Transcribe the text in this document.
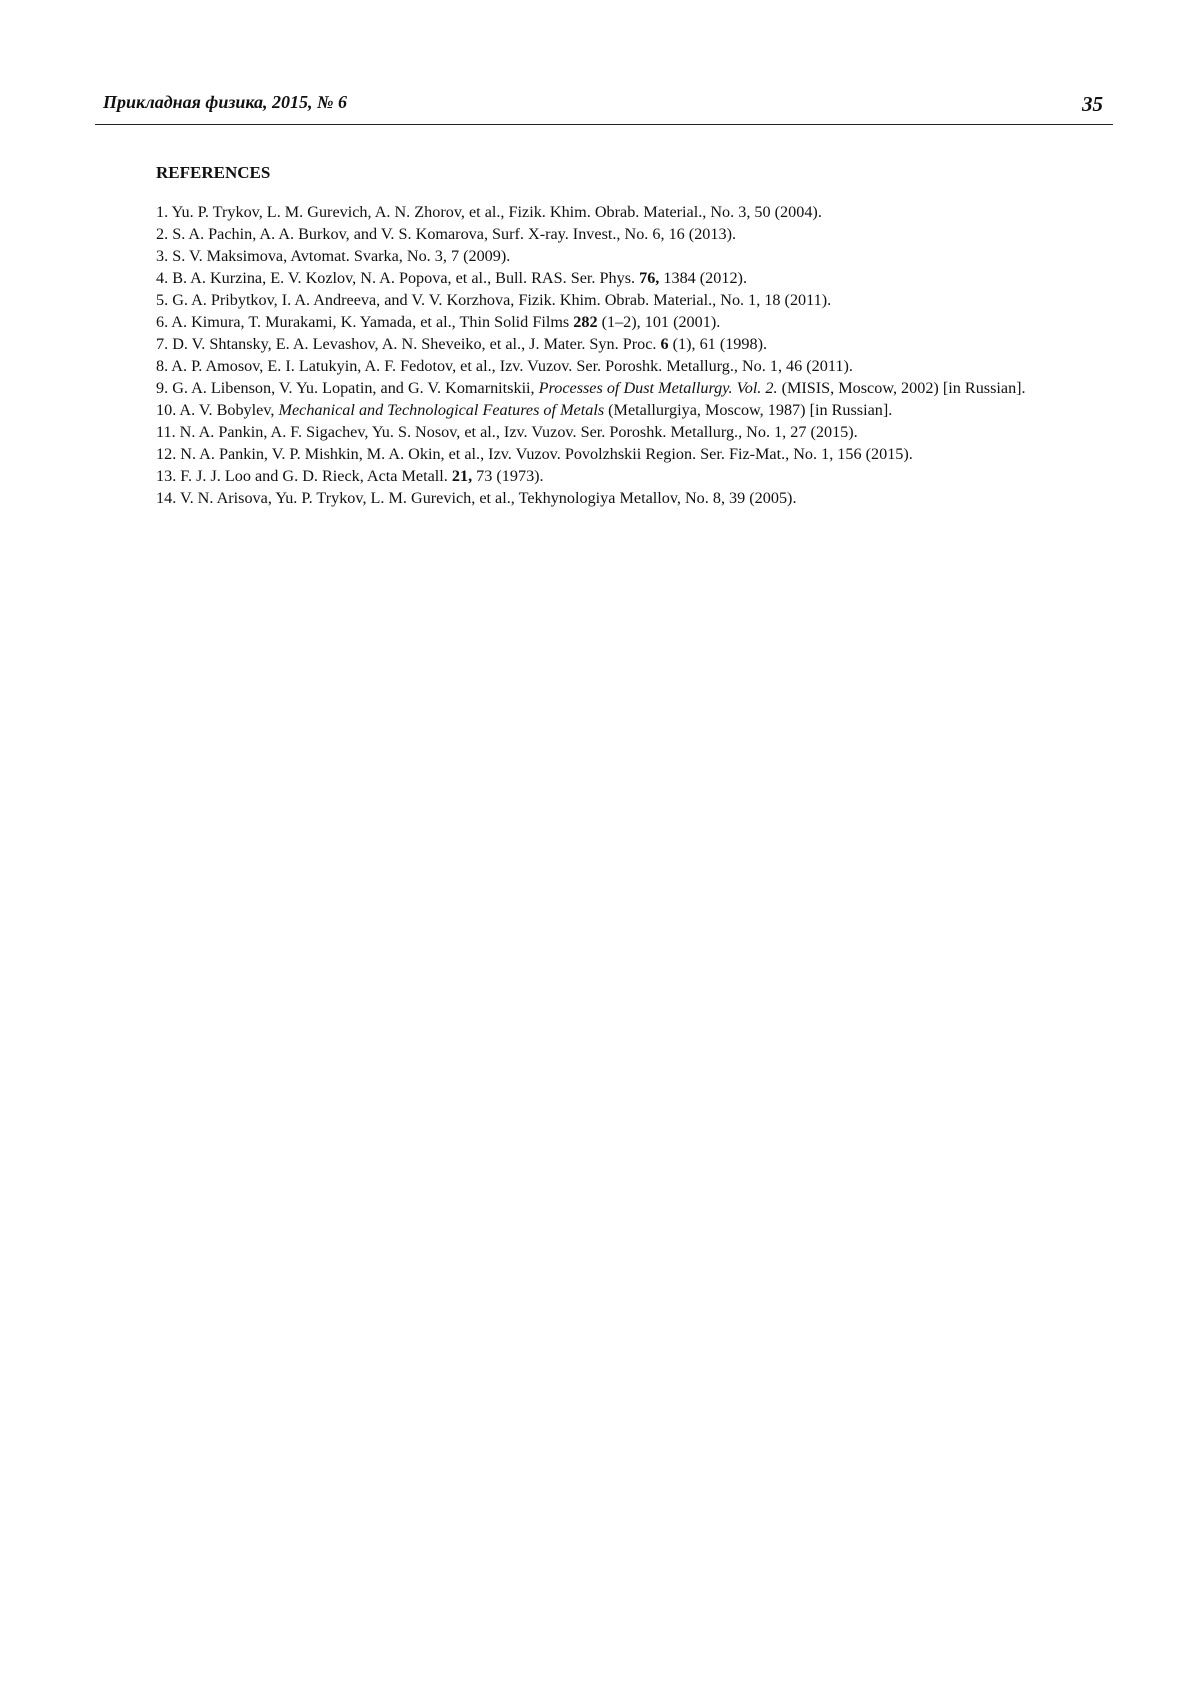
Прикладная физика, 2015, № 6	35
REFERENCES
1. Yu. P. Trykov, L. M. Gurevich, A. N. Zhorov, et al., Fizik. Khim. Obrab. Material., No. 3, 50 (2004).
2. S. A. Pachin, A. A. Burkov, and V. S. Komarova, Surf. X-ray. Invest., No. 6, 16 (2013).
3. S. V. Maksimova, Avtomat. Svarka, No. 3, 7 (2009).
4. B. A. Kurzina, E. V. Kozlov, N. A. Popova, et al., Bull. RAS. Ser. Phys. 76, 1384 (2012).
5. G. A. Pribytkov, I. A. Andreeva, and V. V. Korzhova, Fizik. Khim. Obrab. Material., No. 1, 18 (2011).
6. A. Kimura, T. Murakami, K. Yamada, et al., Thin Solid Films 282 (1–2), 101 (2001).
7. D. V. Shtansky, E. A. Levashov, A. N. Sheveiko, et al., J. Mater. Syn. Proc. 6 (1), 61 (1998).
8. A. P. Amosov, E. I. Latukyin, A. F. Fedotov, et al., Izv. Vuzov. Ser. Poroshk. Metallurg., No. 1, 46 (2011).
9. G. A. Libenson, V. Yu. Lopatin, and G. V. Komarnitskii, Processes of Dust Metallurgy. Vol. 2. (MISIS, Moscow, 2002) [in Russian].
10. A. V. Bobylev, Mechanical and Technological Features of Metals (Metallurgiya, Moscow, 1987) [in Russian].
11. N. A. Pankin, A. F. Sigachev, Yu. S. Nosov, et al., Izv. Vuzov. Ser. Poroshk. Metallurg., No. 1, 27 (2015).
12. N. A. Pankin, V. P. Mishkin, M. A. Okin, et al., Izv. Vuzov. Povolzhskii Region. Ser. Fiz-Mat., No. 1, 156 (2015).
13. F. J. J. Loo and G. D. Rieck, Acta Metall. 21, 73 (1973).
14. V. N. Arisova, Yu. P. Trykov, L. M. Gurevich, et al., Tekhynologiya Metallov, No. 8, 39 (2005).
